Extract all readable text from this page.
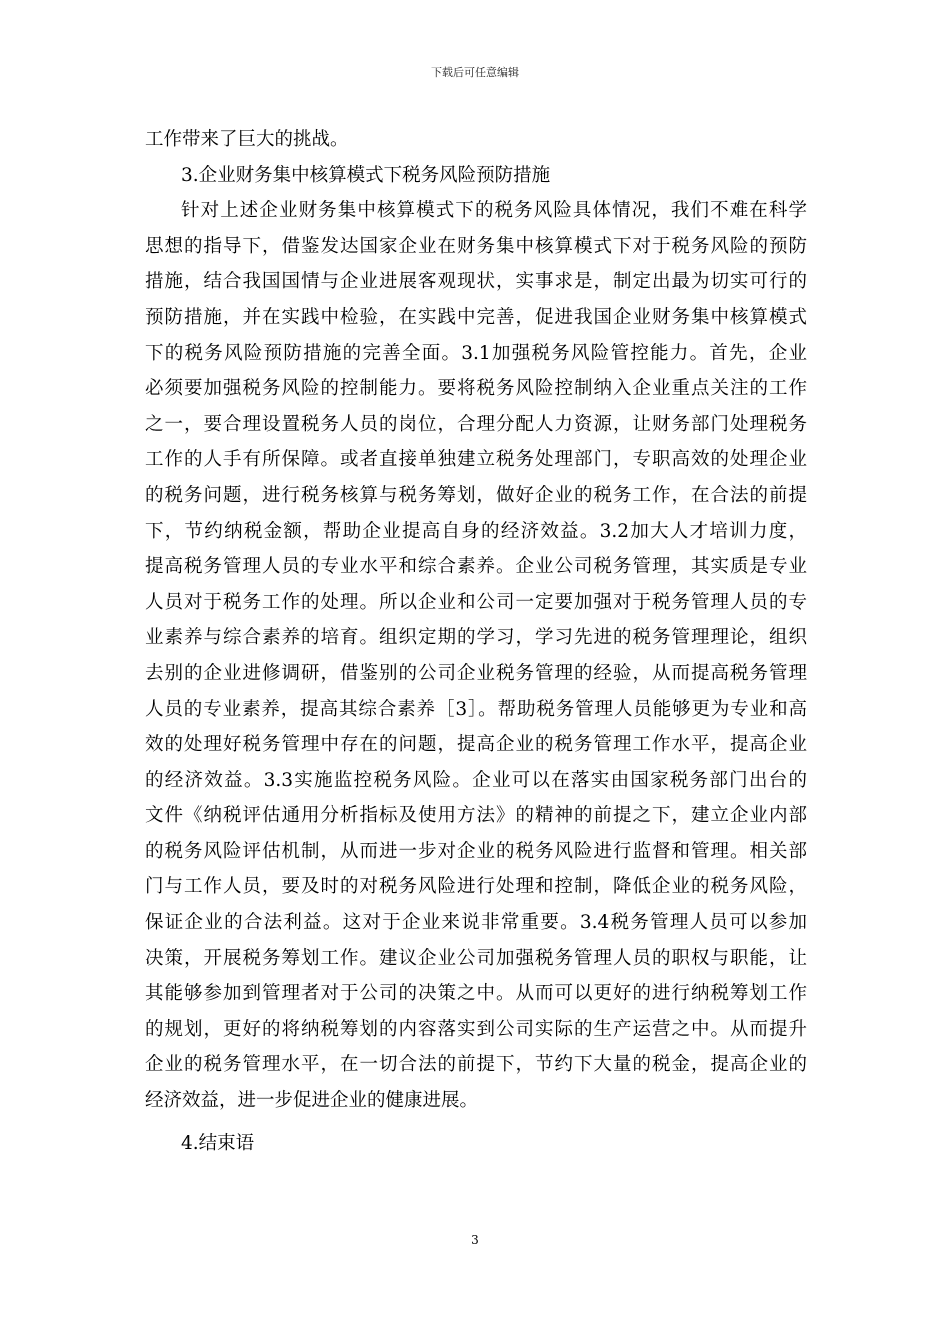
下载后可任意编辑
工作带来了巨大的挑战。
3.企业财务集中核算模式下税务风险预防措施
针对上述企业财务集中核算模式下的税务风险具体情况，我们不难在科学
思想的指导下，借鉴发达国家企业在财务集中核算模式下对于税务风险的预防
措施，结合我国国情与企业进展客观现状，实事求是，制定出最为切实可行的
预防措施，并在实践中检验，在实践中完善，促进我国企业财务集中核算模式
下的税务风险预防措施的完善全面。3.1加强税务风险管控能力。首先，企业
必须要加强税务风险的控制能力。要将税务风险控制纳入企业重点关注的工作
之一，要合理设置税务人员的岗位，合理分配人力资源，让财务部门处理税务
工作的人手有所保障。或者直接单独建立税务处理部门，专职高效的处理企业
的税务问题，进行税务核算与税务筹划，做好企业的税务工作，在合法的前提
下，节约纳税金额，帮助企业提高自身的经济效益。3.2加大人才培训力度，
提高税务管理人员的专业水平和综合素养。企业公司税务管理，其实质是专业
人员对于税务工作的处理。所以企业和公司一定要加强对于税务管理人员的专
业素养与综合素养的培育。组织定期的学习，学习先进的税务管理理论，组织
去别的企业进修调研，借鉴别的公司企业税务管理的经验，从而提高税务管理
人员的专业素养，提高其综合素养［3］。帮助税务管理人员能够更为专业和高
效的处理好税务管理中存在的问题，提高企业的税务管理工作水平，提高企业
的经济效益。3.3实施监控税务风险。企业可以在落实由国家税务部门出台的
文件《纳税评估通用分析指标及使用方法》的精神的前提之下，建立企业内部
的税务风险评估机制，从而进一步对企业的税务风险进行监督和管理。相关部
门与工作人员，要及时的对税务风险进行处理和控制，降低企业的税务风险，
保证企业的合法利益。这对于企业来说非常重要。3.4税务管理人员可以参加
决策，开展税务筹划工作。建议企业公司加强税务管理人员的职权与职能，让
其能够参加到管理者对于公司的决策之中。从而可以更好的进行纳税筹划工作
的规划，更好的将纳税筹划的内容落实到公司实际的生产运营之中。从而提升
企业的税务管理水平，在一切合法的前提下，节约下大量的税金，提高企业的
经济效益，进一步促进企业的健康进展。
4.结束语
3
